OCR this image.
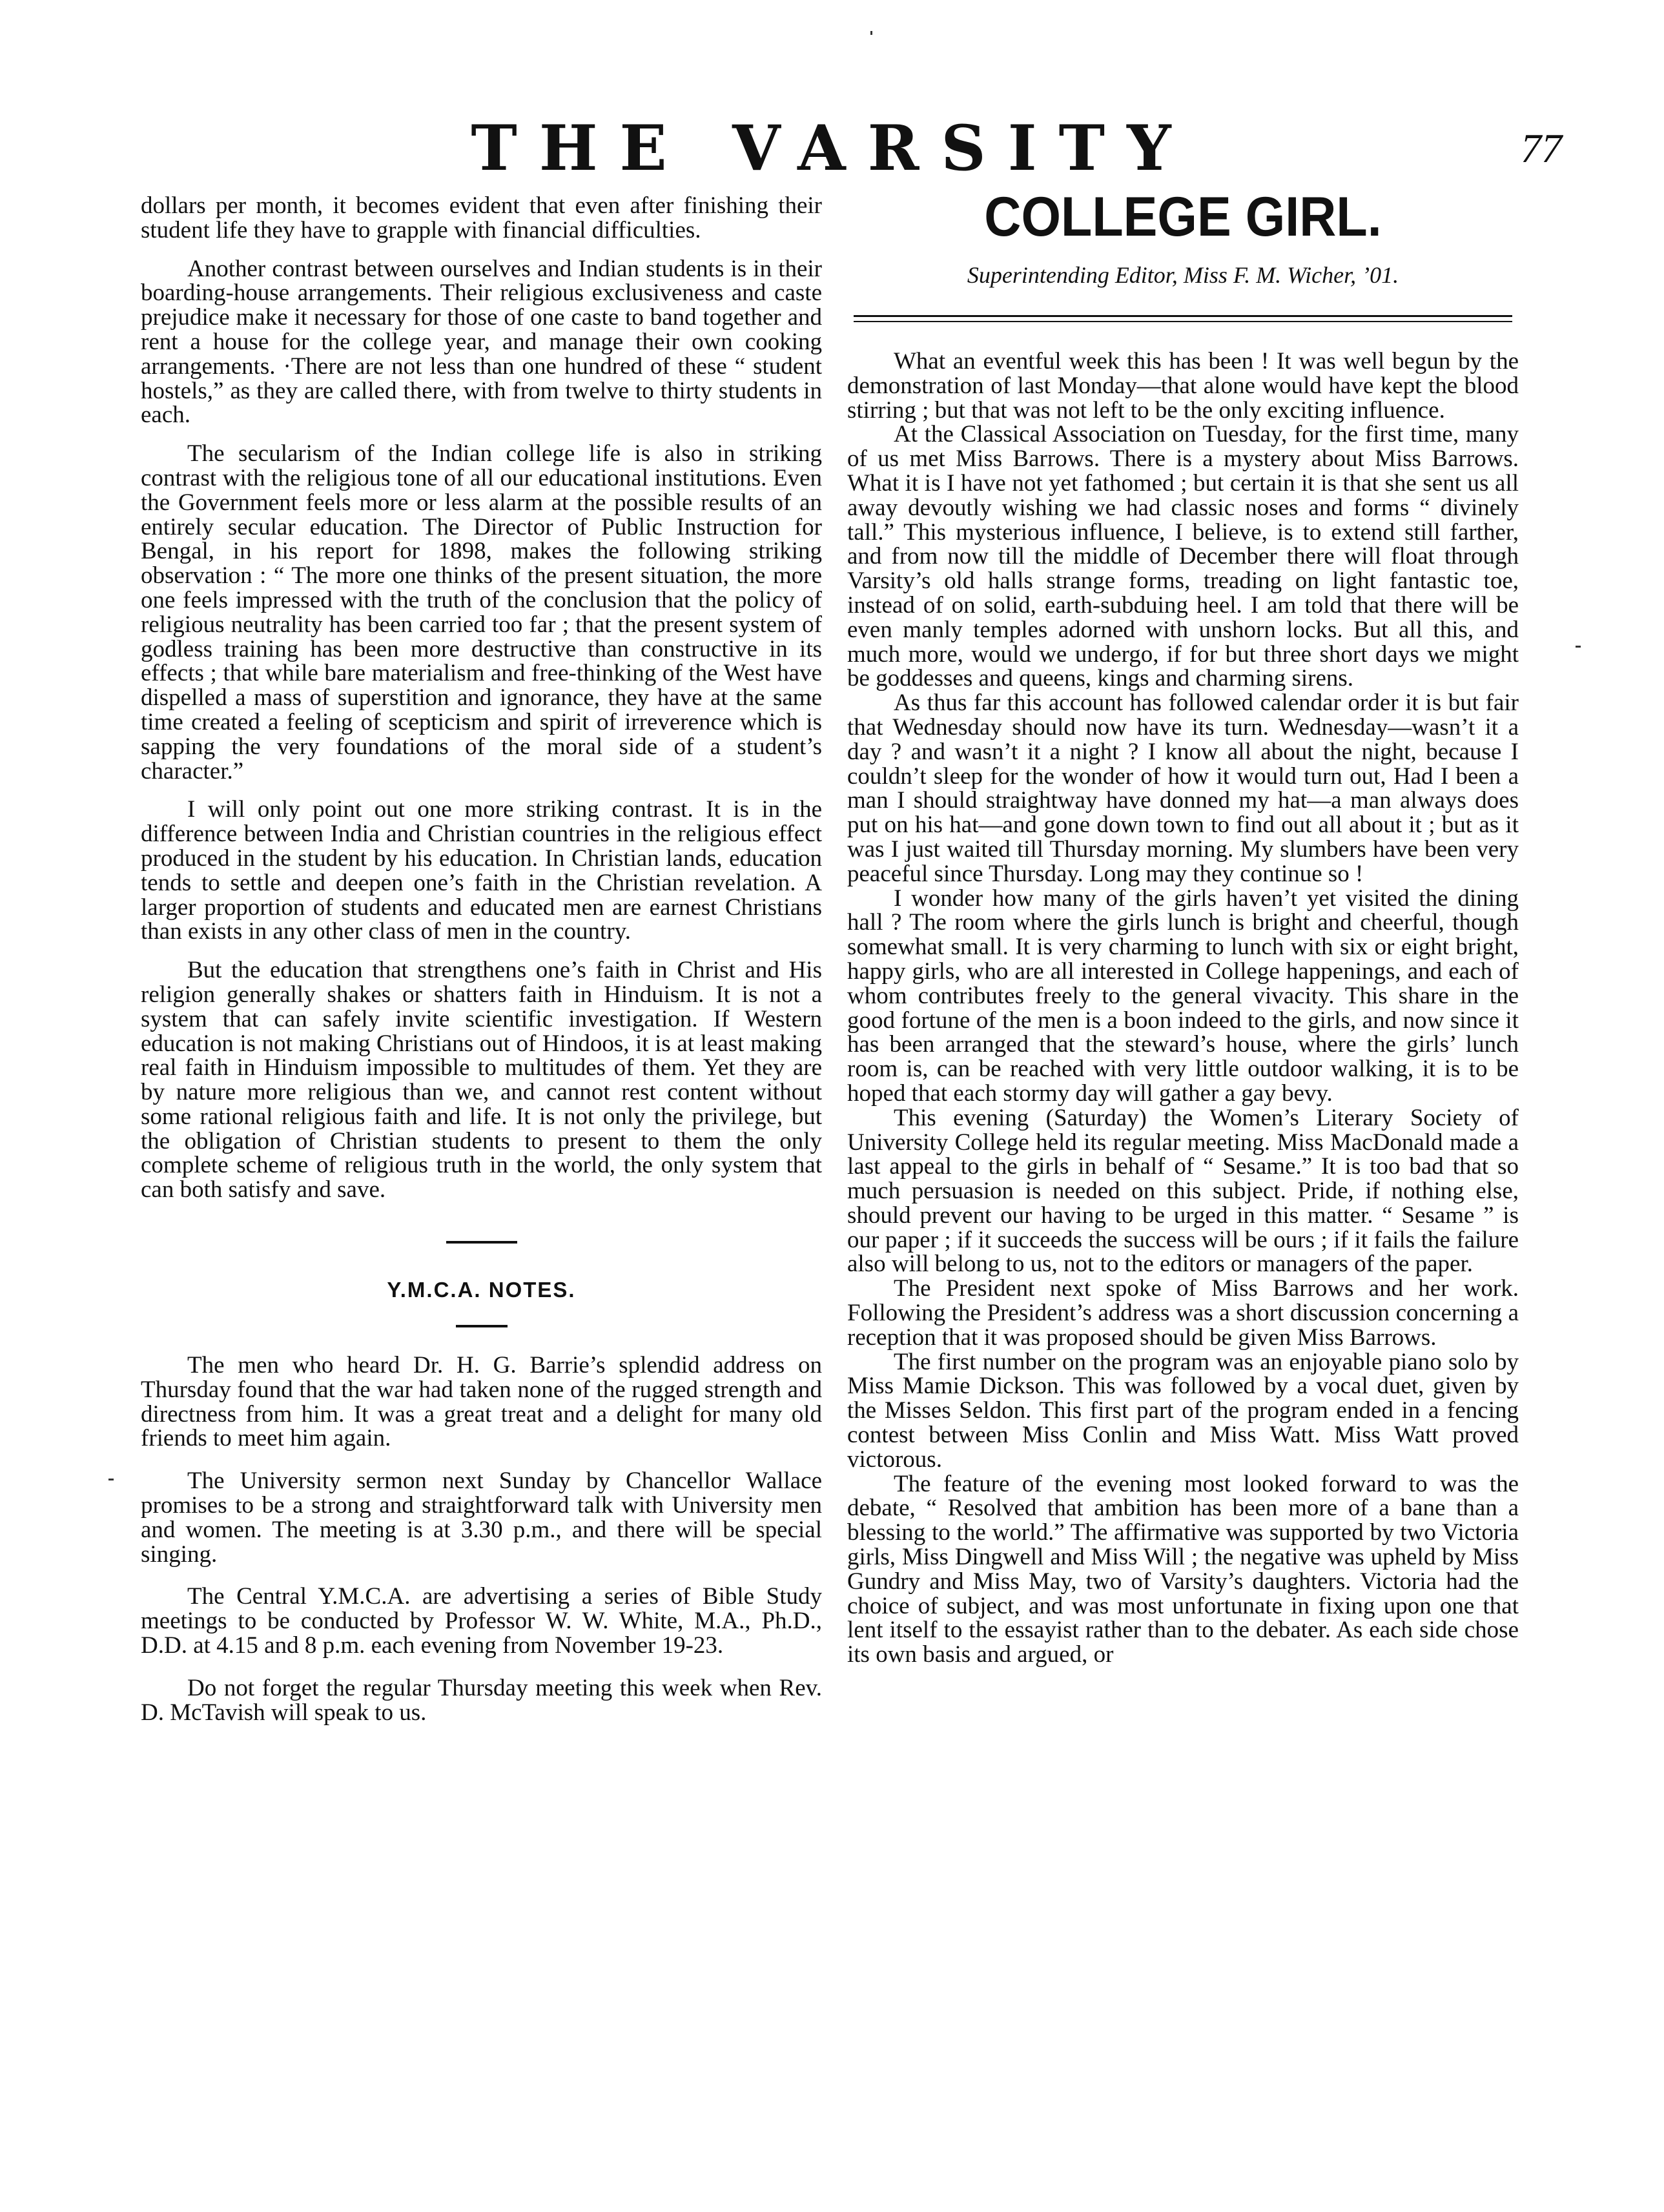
THE VARSITY	77

dollars per month, it becomes evident that even after finishing their student life they have to grapple with financial difficulties.

Another contrast between ourselves and Indian students is in their boarding-house arrangements. Their religious exclusiveness and caste prejudice make it necessary for those of one caste to band together and rent a house for the college year, and manage their own cooking arrangements. ·There are not less than one hundred of these “ student hostels,” as they are called there, with from twelve to thirty students in each.

The secularism of the Indian college life is also in striking contrast with the religious tone of all our educational institutions. Even the Government feels more or less alarm at the possible results of an entirely secular education. The Director of Public Instruction for Bengal, in his report for 1898, makes the following striking observation : “ The more one thinks of the present situation, the more one feels impressed with the truth of the conclusion that the policy of religious neutrality has been carried too far ; that the present system of godless training has been more destructive than constructive in its effects ; that while bare materialism and free-thinking of the West have dispelled a mass of superstition and ignorance, they have at the same time created a feeling of scepticism and spirit of irreverence which is sapping the very foundations of the moral side of a student’s character.”

I will only point out one more striking contrast. It is in the difference between India and Christian countries in the religious effect produced in the student by his education. In Christian lands, education tends to settle and deepen one’s faith in the Christian revelation. A larger proportion of students and educated men are earnest Christians than exists in any other class of men in the country.

But the education that strengthens one’s faith in Christ and His religion generally shakes or shatters faith in Hinduism. It is not a system that can safely invite scientific investigation. If Western education is not making Christians out of Hindoos, it is at least making real faith in Hinduism impossible to multitudes of them. Yet they are by nature more religious than we, and cannot rest content without some rational religious faith and life. It is not only the privilege, but the obligation of Christian students to present to them the only complete scheme of religious truth in the world, the only system that can both satisfy and save.

Y.M.C.A. NOTES.

The men who heard Dr. H. G. Barrie’s splendid address on Thursday found that the war had taken none of the rugged strength and directness from him. It was a great treat and a delight for many old friends to meet him again.

The University sermon next Sunday by Chancellor Wallace promises to be a strong and straightforward talk with University men and women. The meeting is at 3.30 p.m., and there will be special singing.

The Central Y.M.C.A. are advertising a series of Bible Study meetings to be conducted by Professor W. W. White, M.A., Ph.D., D.D. at 4.15 and 8 p.m. each evening from November 19-23.

Do not forget the regular Thursday meeting this week when Rev. D. McTavish will speak to us.

COLLEGE GIRL.
Superintending Editor, Miss F. M. Wicher, ’01.

What an eventful week this has been ! It was well begun by the demonstration of last Monday—that alone would have kept the blood stirring ; but that was not left to be the only exciting influence.

At the Classical Association on Tuesday, for the first time, many of us met Miss Barrows. There is a mystery about Miss Barrows. What it is I have not yet fathomed ; but certain it is that she sent us all away devoutly wishing we had classic noses and forms “ divinely tall.” This mysterious influence, I believe, is to extend still farther, and from now till the middle of December there will float through Varsity’s old halls strange forms, treading on light fantastic toe, instead of on solid, earth-subduing heel. I am told that there will be even manly temples adorned with unshorn locks. But all this, and much more, would we undergo, if for but three short days we might be goddesses and queens, kings and charming sirens.

As thus far this account has followed calendar order it is but fair that Wednesday should now have its turn. Wednesday—wasn’t it a day ? and wasn’t it a night ? I know all about the night, because I couldn’t sleep for the wonder of how it would turn out, Had I been a man I should straightway have donned my hat—a man always does put on his hat—and gone down town to find out all about it ; but as it was I just waited till Thursday morning. My slumbers have been very peaceful since Thursday. Long may they continue so !

I wonder how many of the girls haven’t yet visited the dining hall ? The room where the girls lunch is bright and cheerful, though somewhat small. It is very charming to lunch with six or eight bright, happy girls, who are all interested in College happenings, and each of whom contributes freely to the general vivacity. This share in the good fortune of the men is a boon indeed to the girls, and now since it has been arranged that the steward’s house, where the girls’ lunch room is, can be reached with very little outdoor walking, it is to be hoped that each stormy day will gather a gay bevy.

This evening (Saturday) the Women’s Literary Society of University College held its regular meeting. Miss MacDonald made a last appeal to the girls in behalf of “ Sesame.” It is too bad that so much persuasion is needed on this subject. Pride, if nothing else, should prevent our having to be urged in this matter. “ Sesame ” is our paper ; if it succeeds the success will be ours ; if it fails the failure also will belong to us, not to the editors or managers of the paper.

The President next spoke of Miss Barrows and her work. Following the President’s address was a short discussion concerning a reception that it was proposed should be given Miss Barrows.

The first number on the program was an enjoyable piano solo by Miss Mamie Dickson. This was followed by a vocal duet, given by the Misses Seldon. This first part of the program ended in a fencing contest between Miss Conlin and Miss Watt. Miss Watt proved victorous.

The feature of the evening most looked forward to was the debate, “ Resolved that ambition has been more of a bane than a blessing to the world.” The affirmative was supported by two Victoria girls, Miss Dingwell and Miss Will ; the negative was upheld by Miss Gundry and Miss May, two of Varsity’s daughters. Victoria had the choice of subject, and was most unfortunate in fixing upon one that lent itself to the essayist rather than to the debater. As each side chose its own basis and argued, or
